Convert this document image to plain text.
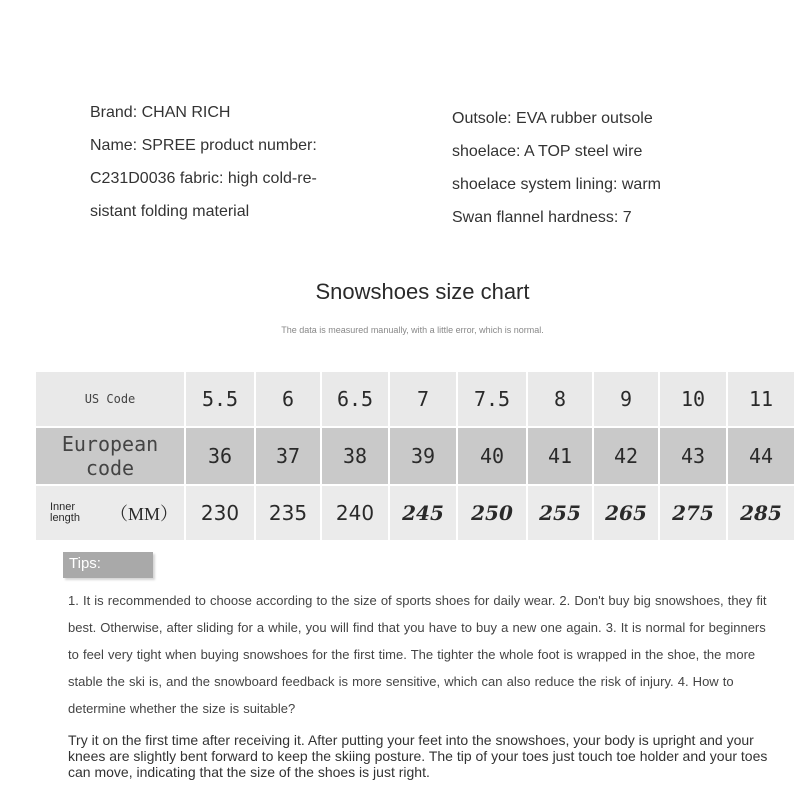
Brand: CHAN RICH
Name: SPREE product number:
C231D0036 fabric: high cold-re-
sistant folding material
Outsole: EVA rubber outsole
shoelace: A TOP steel wire
shoelace system lining: warm
Swan flannel hardness: 7
Snowshoes size chart
The data is measured manually, with a little error, which is normal.
US Code	5.5	6	6.5	7	7.5	8	9	10	11
European code	36	37	38	39	40	41	42	43	44
Inner length （MM）	230	235	240	245	250	255	265	275	285
Tips:
1. It is recommended to choose according to the size of sports shoes for daily wear. 2. Don't buy big snowshoes, they fit best. Otherwise, after sliding for a while, you will find that you have to buy a new one again. 3. It is normal for beginners to feel very tight when buying snowshoes for the first time. The tighter the whole foot is wrapped in the shoe, the more stable the ski is, and the snowboard feedback is more sensitive, which can also reduce the risk of injury. 4. How to determine whether the size is suitable?
Try it on the first time after receiving it. After putting your feet into the snowshoes, your body is upright and your knees are slightly bent forward to keep the skiing posture. The tip of your toes just touch toe holder and your toes can move, indicating that the size of the shoes is just right.
